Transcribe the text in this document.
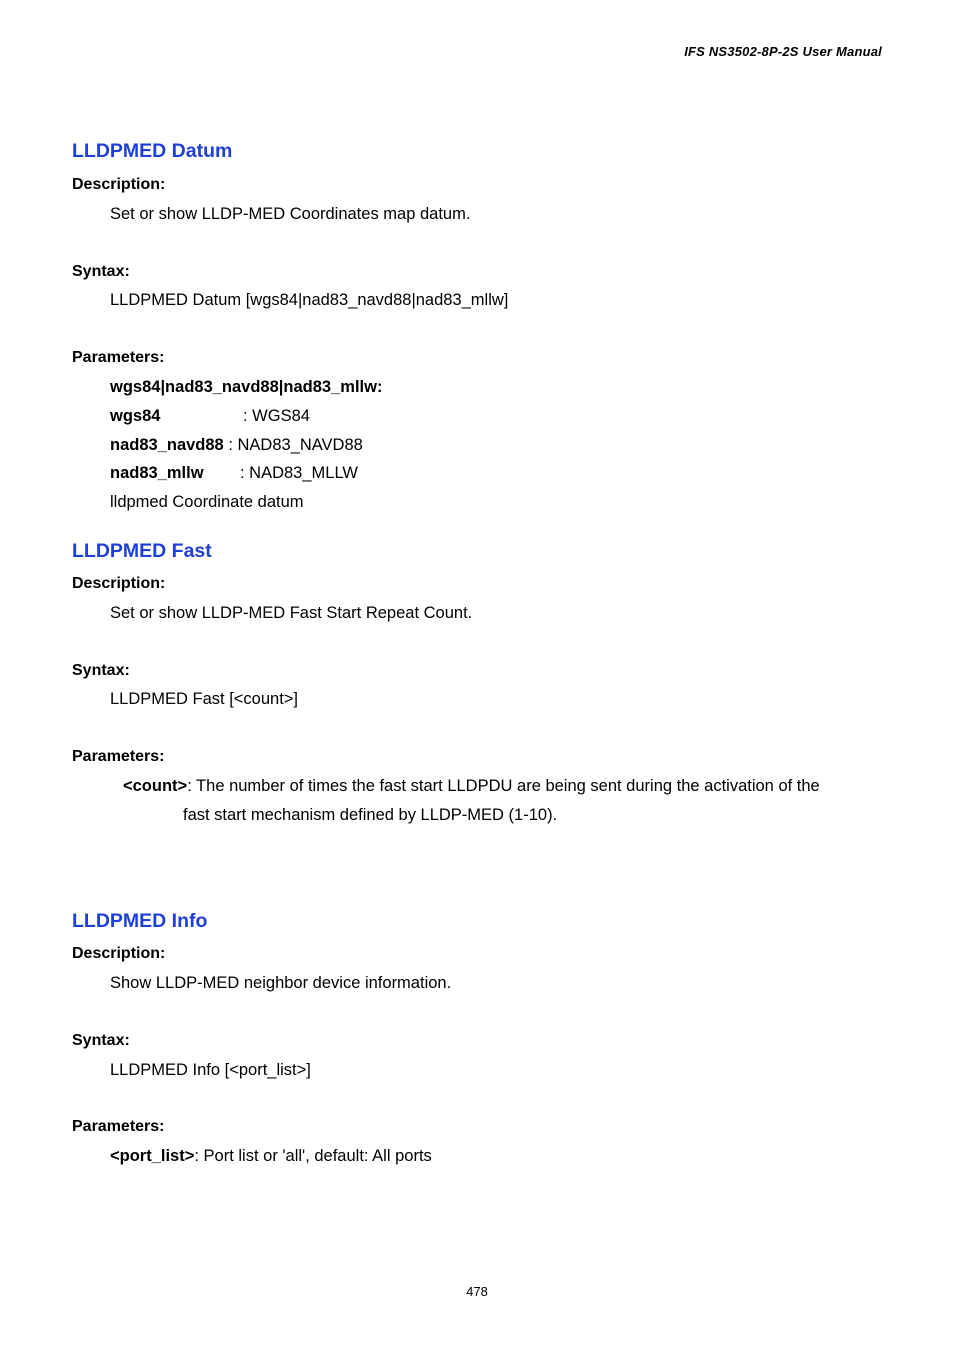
IFS NS3502-8P-2S User Manual
LLDPMED Datum
Description:
Set or show LLDP-MED Coordinates map datum.
Syntax:
LLDPMED Datum [wgs84|nad83_navd88|nad83_mllw]
Parameters:
wgs84|nad83_navd88|nad83_mllw:
wgs84	: WGS84
nad83_navd88 : NAD83_NAVD88
nad83_mllw : NAD83_MLLW
lldpmed Coordinate datum
LLDPMED Fast
Description:
Set or show LLDP-MED Fast Start Repeat Count.
Syntax:
LLDPMED Fast [<count>]
Parameters:
<count>: The number of times the fast start LLDPDU are being sent during the activation of the
fast start mechanism defined by LLDP-MED (1-10).
LLDPMED Info
Description:
Show LLDP-MED neighbor device information.
Syntax:
LLDPMED Info [<port_list>]
Parameters:
<port_list>: Port list or 'all', default: All ports
478
